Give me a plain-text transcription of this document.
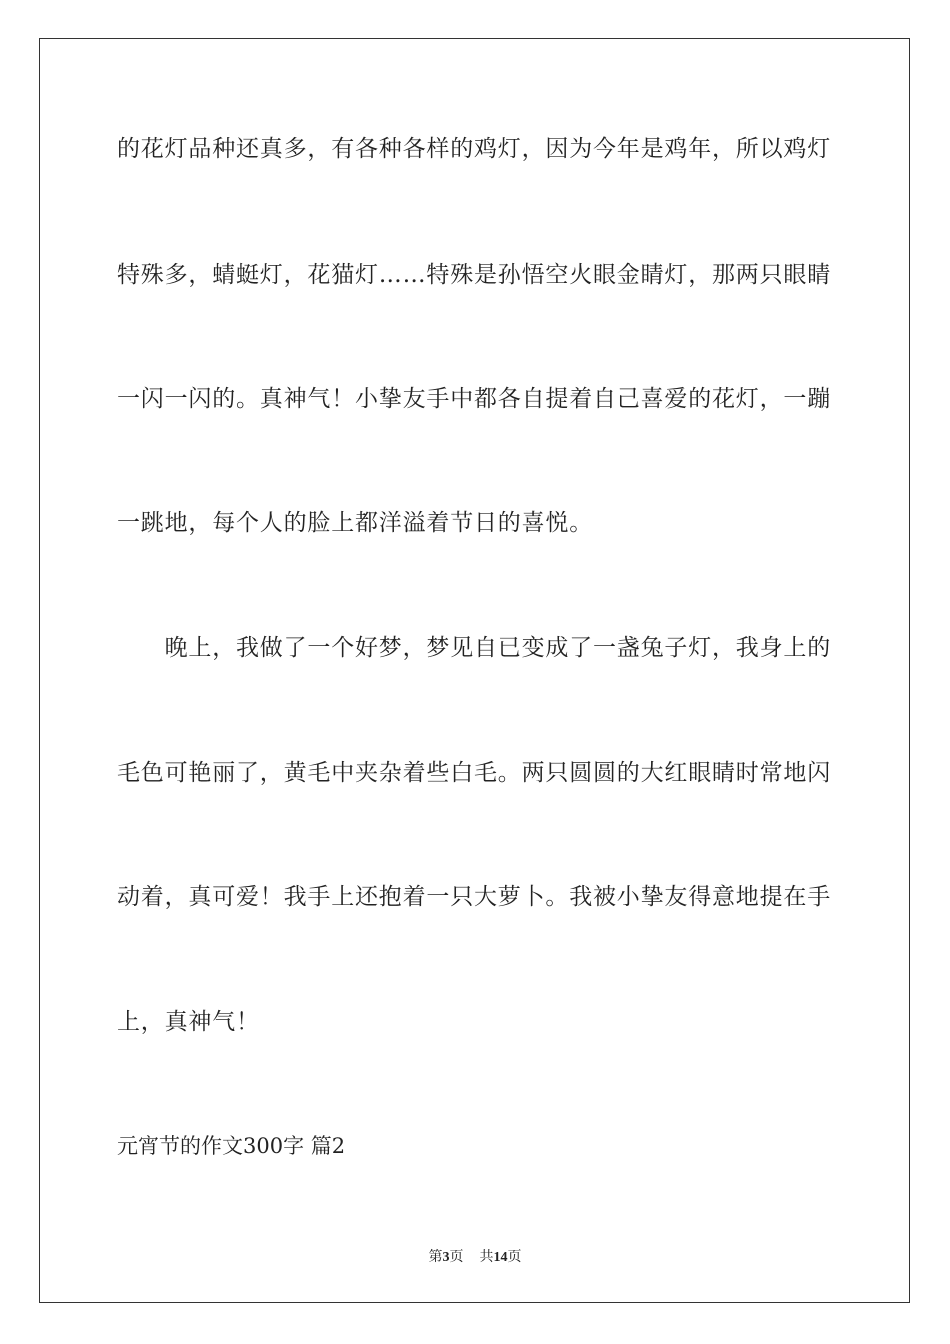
的花灯品种还真多，有各种各样的鸡灯，因为今年是鸡年，所以鸡灯
特殊多，蜻蜓灯，花猫灯……特殊是孙悟空火眼金睛灯，那两只眼睛
一闪一闪的。真神气！小挚友手中都各自提着自己喜爱的花灯，一蹦
一跳地，每个人的脸上都洋溢着节日的喜悦。
　　晚上，我做了一个好梦，梦见自已变成了一盏兔子灯，我身上的
毛色可艳丽了，黄毛中夹杂着些白毛。两只圆圆的大红眼睛时常地闪
动着，真可爱！我手上还抱着一只大萝卜。我被小挚友得意地提在手
上，真神气！
元宵节的作文300字 篇2
第3页 共14页
